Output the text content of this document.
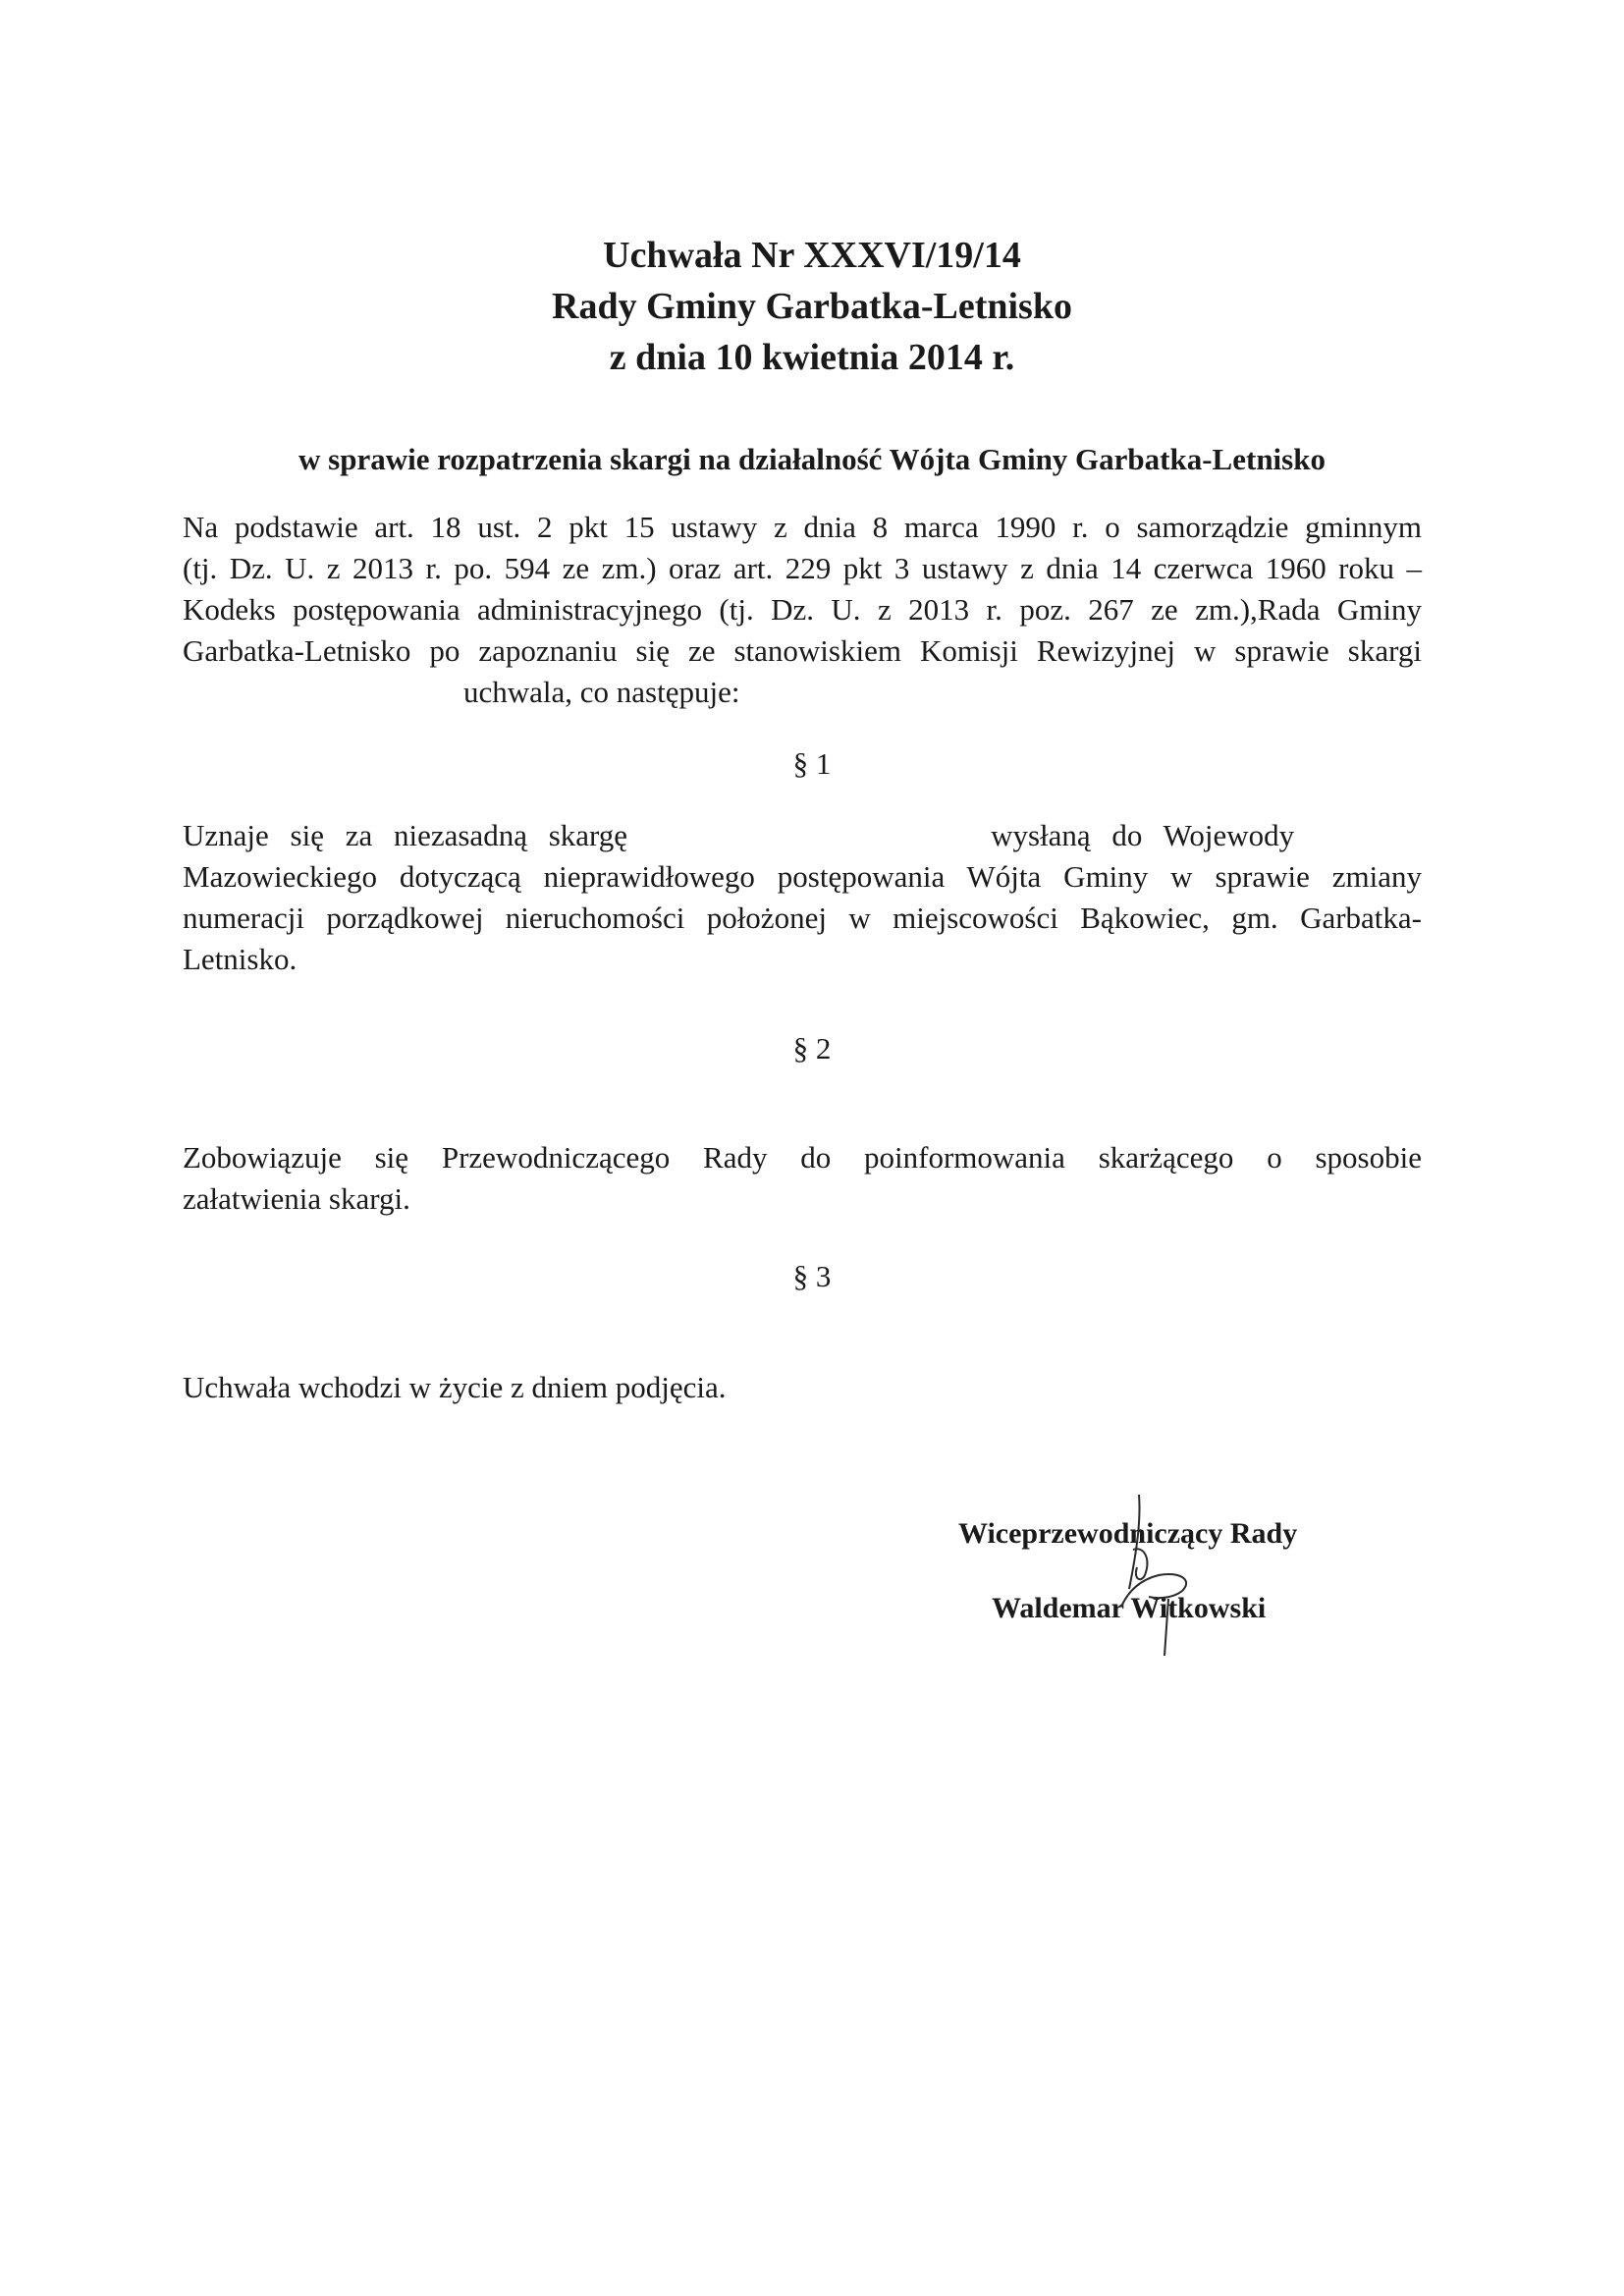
Uchwała Nr XXXVI/19/14
Rady Gminy Garbatka-Letnisko
z dnia 10 kwietnia 2014 r.
w sprawie rozpatrzenia skargi na działalność Wójta Gminy Garbatka-Letnisko
Na podstawie art. 18 ust. 2 pkt 15 ustawy z dnia 8 marca 1990 r. o samorządzie gminnym
(tj. Dz. U. z 2013 r. po. 594 ze zm.) oraz art. 229 pkt 3 ustawy z dnia 14 czerwca 1960 roku –
Kodeks postępowania administracyjnego (tj. Dz. U. z 2013 r. poz. 267 ze zm.),Rada Gminy
Garbatka-Letnisko po zapoznaniu się ze stanowiskiem Komisji Rewizyjnej w sprawie skargi
uchwala, co następuje:
§ 1
Uznaje się za niezasadną skargę	wysłaną do Wojewody
Mazowieckiego dotyczącą nieprawidłowego postępowania Wójta Gminy w sprawie zmiany
numeracji porządkowej nieruchomości położonej w miejscowości Bąkowiec, gm. Garbatka-
Letnisko.
§ 2
Zobowiązuje się Przewodniczącego Rady do poinformowania skarżącego o sposobie
załatwienia skargi.
§ 3
Uchwała wchodzi w życie z dniem podjęcia.
Wiceprzewodniczący Rady
Waldemar Witkowski
